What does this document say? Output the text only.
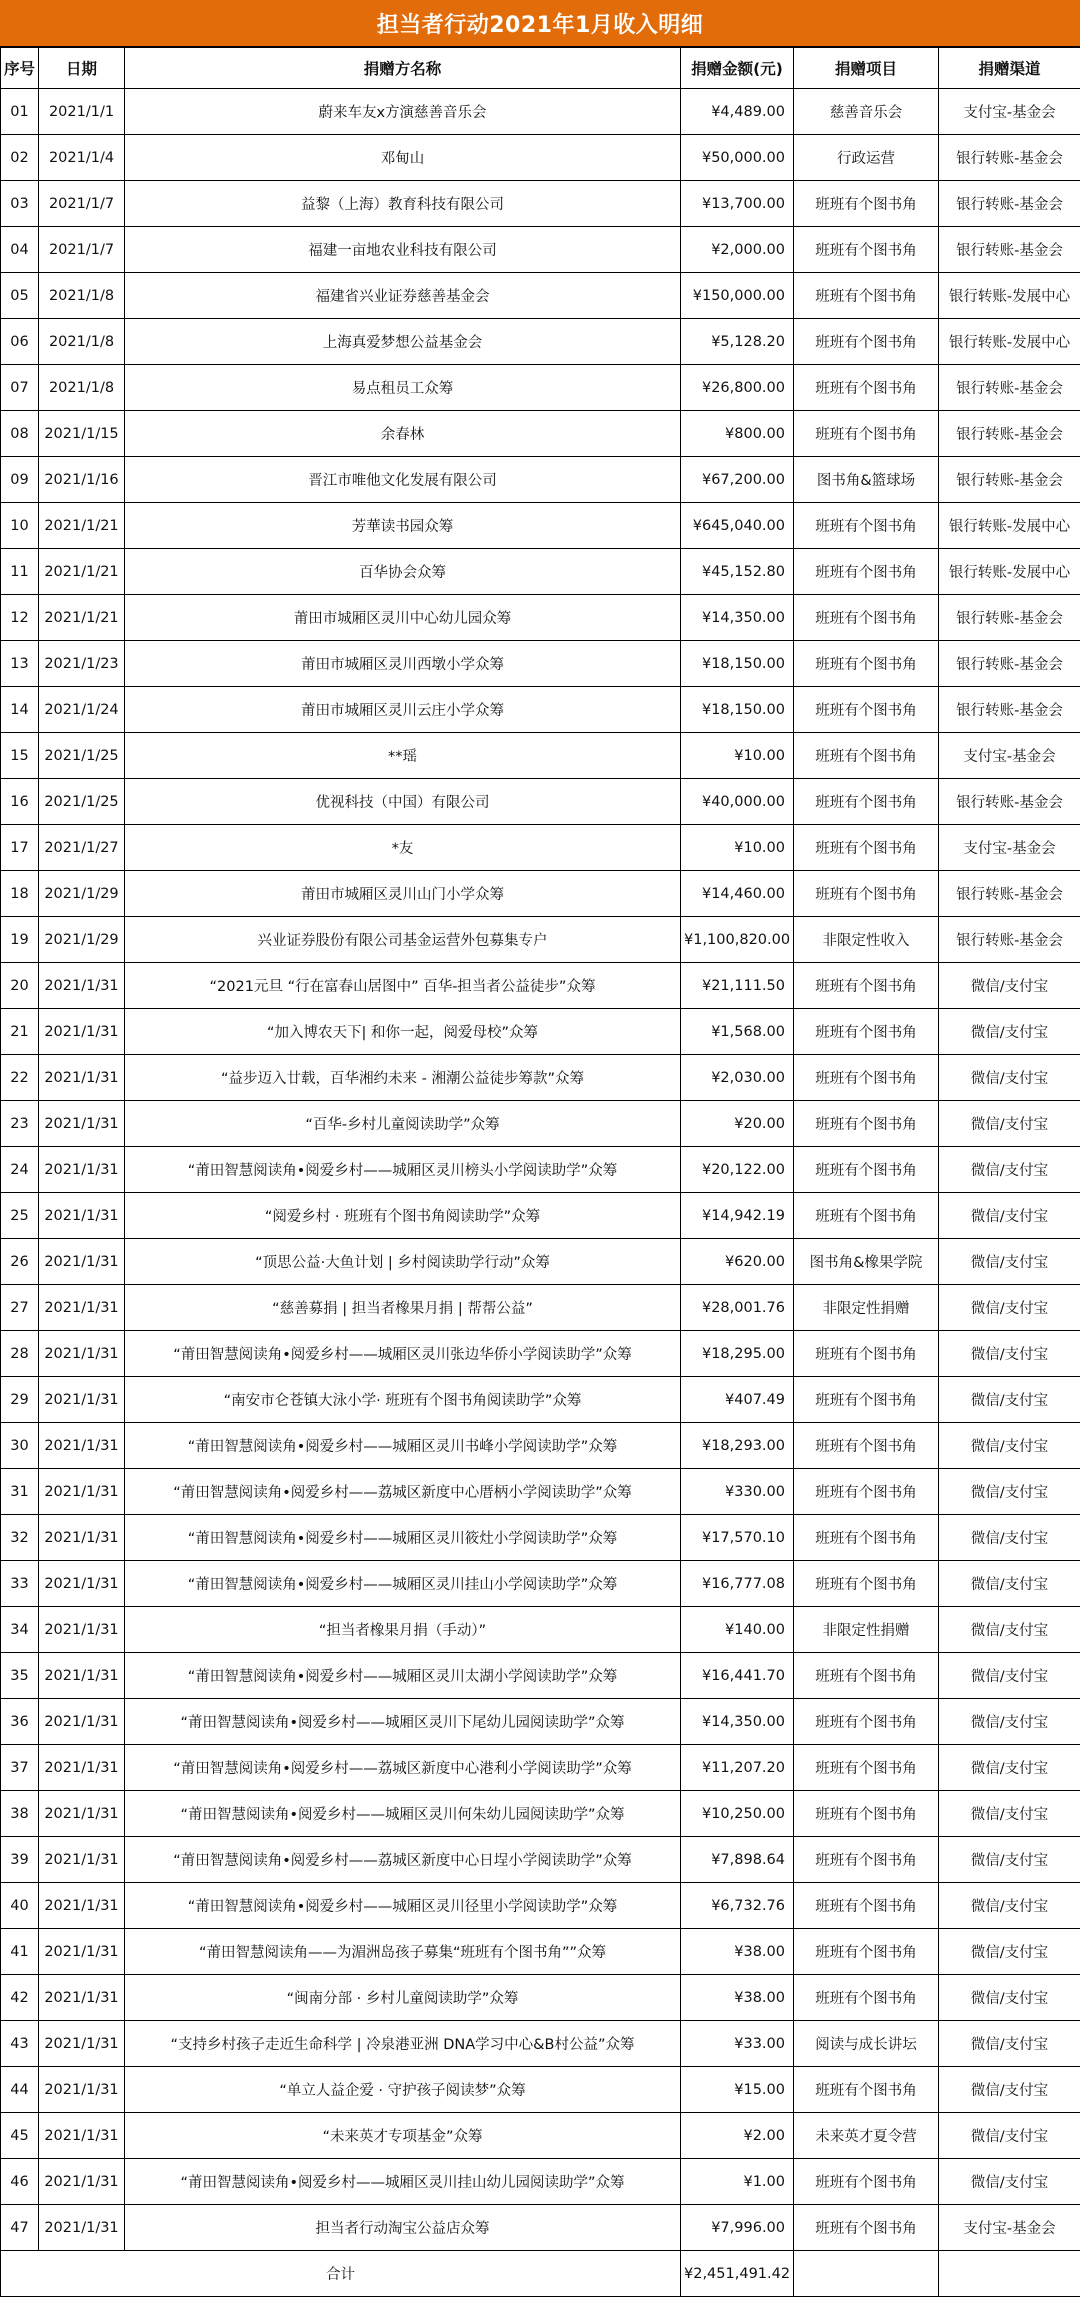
担当者行动2021年1月收入明细
序号	日期	捐赠方名称	捐赠金额(元)	捐赠项目	捐赠渠道
01	2021/1/1	蔚来车友x方演慈善音乐会	¥4,489.00	慈善音乐会	支付宝-基金会
02	2021/1/4	邓甸山	¥50,000.00	行政运营	银行转账-基金会
03	2021/1/7	益黎（上海）教育科技有限公司	¥13,700.00	班班有个图书角	银行转账-基金会
04	2021/1/7	福建一亩地农业科技有限公司	¥2,000.00	班班有个图书角	银行转账-基金会
05	2021/1/8	福建省兴业证券慈善基金会	¥150,000.00	班班有个图书角	银行转账-发展中心
06	2021/1/8	上海真爱梦想公益基金会	¥5,128.20	班班有个图书角	银行转账-发展中心
07	2021/1/8	易点租员工众筹	¥26,800.00	班班有个图书角	银行转账-基金会
08	2021/1/15	余春林	¥800.00	班班有个图书角	银行转账-基金会
09	2021/1/16	晋江市唯他文化发展有限公司	¥67,200.00	图书角&篮球场	银行转账-基金会
10	2021/1/21	芳華读书园众筹	¥645,040.00	班班有个图书角	银行转账-发展中心
11	2021/1/21	百华协会众筹	¥45,152.80	班班有个图书角	银行转账-发展中心
12	2021/1/21	莆田市城厢区灵川中心幼儿园众筹	¥14,350.00	班班有个图书角	银行转账-基金会
13	2021/1/23	莆田市城厢区灵川西墩小学众筹	¥18,150.00	班班有个图书角	银行转账-基金会
14	2021/1/24	莆田市城厢区灵川云庄小学众筹	¥18,150.00	班班有个图书角	银行转账-基金会
15	2021/1/25	**瑶	¥10.00	班班有个图书角	支付宝-基金会
16	2021/1/25	优视科技（中国）有限公司	¥40,000.00	班班有个图书角	银行转账-基金会
17	2021/1/27	*友	¥10.00	班班有个图书角	支付宝-基金会
18	2021/1/29	莆田市城厢区灵川山门小学众筹	¥14,460.00	班班有个图书角	银行转账-基金会
19	2021/1/29	兴业证券股份有限公司基金运营外包募集专户	¥1,100,820.00	非限定性收入	银行转账-基金会
20	2021/1/31	“2021元旦 “行在富春山居图中” 百华-担当者公益徒步”众筹	¥21,111.50	班班有个图书角	微信/支付宝
21	2021/1/31	“加入博农天下| 和你一起，阅爱母校”众筹	¥1,568.00	班班有个图书角	微信/支付宝
22	2021/1/31	“益步迈入廿载，百华湘约未来 - 湘潮公益徒步筹款”众筹	¥2,030.00	班班有个图书角	微信/支付宝
23	2021/1/31	“百华-乡村儿童阅读助学”众筹	¥20.00	班班有个图书角	微信/支付宝
24	2021/1/31	“莆田智慧阅读角•阅爱乡村——城厢区灵川榜头小学阅读助学”众筹	¥20,122.00	班班有个图书角	微信/支付宝
25	2021/1/31	“阅爱乡村 · 班班有个图书角阅读助学”众筹	¥14,942.19	班班有个图书角	微信/支付宝
26	2021/1/31	“顶思公益·大鱼计划 | 乡村阅读助学行动”众筹	¥620.00	图书角&橡果学院	微信/支付宝
27	2021/1/31	“慈善募捐 | 担当者橡果月捐 | 帮帮公益”	¥28,001.76	非限定性捐赠	微信/支付宝
28	2021/1/31	“莆田智慧阅读角•阅爱乡村——城厢区灵川张边华侨小学阅读助学”众筹	¥18,295.00	班班有个图书角	微信/支付宝
29	2021/1/31	“南安市仑苍镇大泳小学· 班班有个图书角阅读助学”众筹	¥407.49	班班有个图书角	微信/支付宝
30	2021/1/31	“莆田智慧阅读角•阅爱乡村——城厢区灵川书峰小学阅读助学”众筹	¥18,293.00	班班有个图书角	微信/支付宝
31	2021/1/31	“莆田智慧阅读角•阅爱乡村——荔城区新度中心厝柄小学阅读助学”众筹	¥330.00	班班有个图书角	微信/支付宝
32	2021/1/31	“莆田智慧阅读角•阅爱乡村——城厢区灵川筱灶小学阅读助学”众筹	¥17,570.10	班班有个图书角	微信/支付宝
33	2021/1/31	“莆田智慧阅读角•阅爱乡村——城厢区灵川挂山小学阅读助学”众筹	¥16,777.08	班班有个图书角	微信/支付宝
34	2021/1/31	“担当者橡果月捐（手动）”	¥140.00	非限定性捐赠	微信/支付宝
35	2021/1/31	“莆田智慧阅读角•阅爱乡村——城厢区灵川太湖小学阅读助学”众筹	¥16,441.70	班班有个图书角	微信/支付宝
36	2021/1/31	“莆田智慧阅读角•阅爱乡村——城厢区灵川下尾幼儿园阅读助学”众筹	¥14,350.00	班班有个图书角	微信/支付宝
37	2021/1/31	“莆田智慧阅读角•阅爱乡村——荔城区新度中心港利小学阅读助学”众筹	¥11,207.20	班班有个图书角	微信/支付宝
38	2021/1/31	“莆田智慧阅读角•阅爱乡村——城厢区灵川何朱幼儿园阅读助学”众筹	¥10,250.00	班班有个图书角	微信/支付宝
39	2021/1/31	“莆田智慧阅读角•阅爱乡村——荔城区新度中心日埕小学阅读助学”众筹	¥7,898.64	班班有个图书角	微信/支付宝
40	2021/1/31	“莆田智慧阅读角•阅爱乡村——城厢区灵川径里小学阅读助学”众筹	¥6,732.76	班班有个图书角	微信/支付宝
41	2021/1/31	“莆田智慧阅读角——为湄洲岛孩子募集“班班有个图书角””众筹	¥38.00	班班有个图书角	微信/支付宝
42	2021/1/31	“闽南分部 · 乡村儿童阅读助学”众筹	¥38.00	班班有个图书角	微信/支付宝
43	2021/1/31	“支持乡村孩子走近生命科学 | 冷泉港亚洲 DNA学习中心&B村公益”众筹	¥33.00	阅读与成长讲坛	微信/支付宝
44	2021/1/31	“单立人益企爱 · 守护孩子阅读梦”众筹	¥15.00	班班有个图书角	微信/支付宝
45	2021/1/31	“未来英才专项基金”众筹	¥2.00	未来英才夏令营	微信/支付宝
46	2021/1/31	“莆田智慧阅读角•阅爱乡村——城厢区灵川挂山幼儿园阅读助学”众筹	¥1.00	班班有个图书角	微信/支付宝
47	2021/1/31	担当者行动淘宝公益店众筹	¥7,996.00	班班有个图书角	支付宝-基金会
合计			¥2,451,491.42		
